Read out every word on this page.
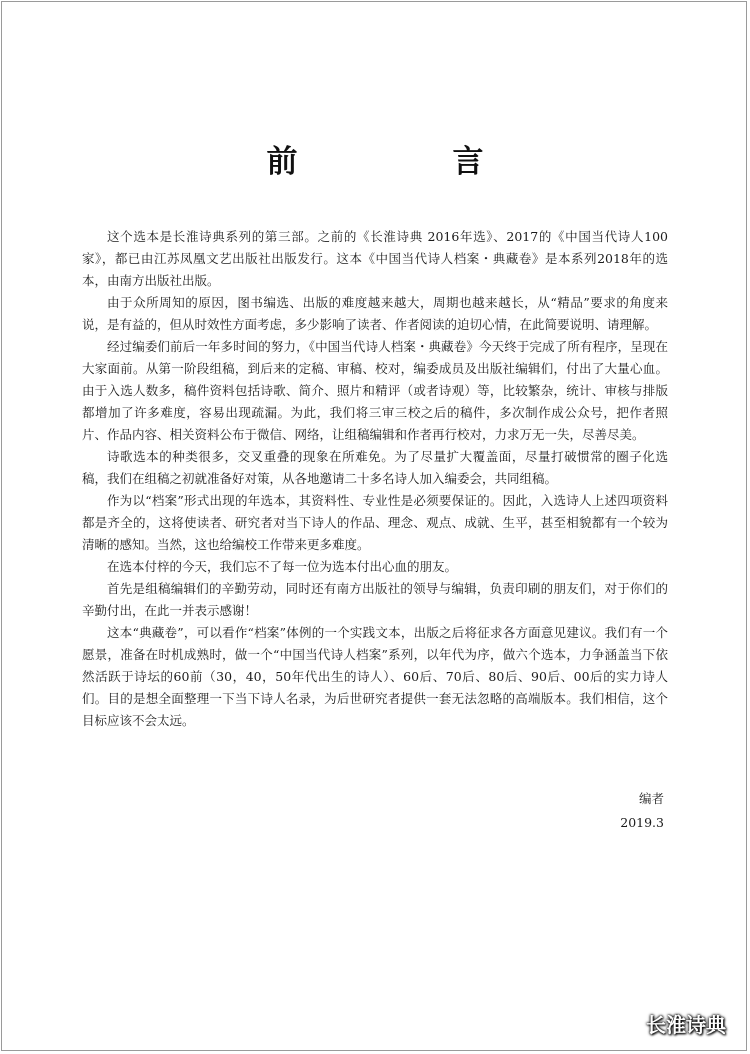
前　言

这个选本是长淮诗典系列的第三部。之前的《长淮诗典 2016年选》、2017的《中国当代诗人100家》，都已由江苏凤凰文艺出版社出版发行。这本《中国当代诗人档案・典藏卷》是本系列2018年的选本，由南方出版社出版。

由于众所周知的原因，图书编选、出版的难度越来越大，周期也越来越长，从“精品”要求的角度来说，是有益的，但从时效性方面考虑，多少影响了读者、作者阅读的迫切心情，在此简要说明、请理解。

经过编委们前后一年多时间的努力，《中国当代诗人档案・典藏卷》今天终于完成了所有程序，呈现在大家面前。从第一阶段组稿，到后来的定稿、审稿、校对，编委成员及出版社编辑们，付出了大量心血。由于入选人数多，稿件资料包括诗歌、简介、照片和精评（或者诗观）等，比较繁杂，统计、审核与排版都增加了许多难度，容易出现疏漏。为此，我们将三审三校之后的稿件，多次制作成公众号，把作者照片、作品内容、相关资料公布于微信、网络，让组稿编辑和作者再行校对，力求万无一失，尽善尽美。

诗歌选本的种类很多，交叉重叠的现象在所难免。为了尽量扩大覆盖面，尽量打破惯常的圈子化选稿，我们在组稿之初就准备好对策，从各地邀请二十多名诗人加入编委会，共同组稿。

作为以“档案”形式出现的年选本，其资料性、专业性是必须要保证的。因此，入选诗人上述四项资料都是齐全的，这将使读者、研究者对当下诗人的作品、理念、观点、成就、生平，甚至相貌都有一个较为清晰的感知。当然，这也给编校工作带来更多难度。

在选本付梓的今天，我们忘不了每一位为选本付出心血的朋友。

首先是组稿编辑们的辛勤劳动，同时还有南方出版社的领导与编辑，负责印刷的朋友们，对于你们的辛勤付出，在此一并表示感谢！

这本“典藏卷”，可以看作“档案”体例的一个实践文本，出版之后将征求各方面意见建议。我们有一个愿景，准备在时机成熟时，做一个“中国当代诗人档案”系列，以年代为序，做六个选本，力争涵盖当下依然活跃于诗坛的60前（30，40，50年代出生的诗人）、60后、70后、80后、90后、00后的实力诗人们。目的是想全面整理一下当下诗人名录，为后世研究者提供一套无法忽略的高端版本。我们相信，这个目标应该不会太远。

编者
2019.3
长淮诗典
